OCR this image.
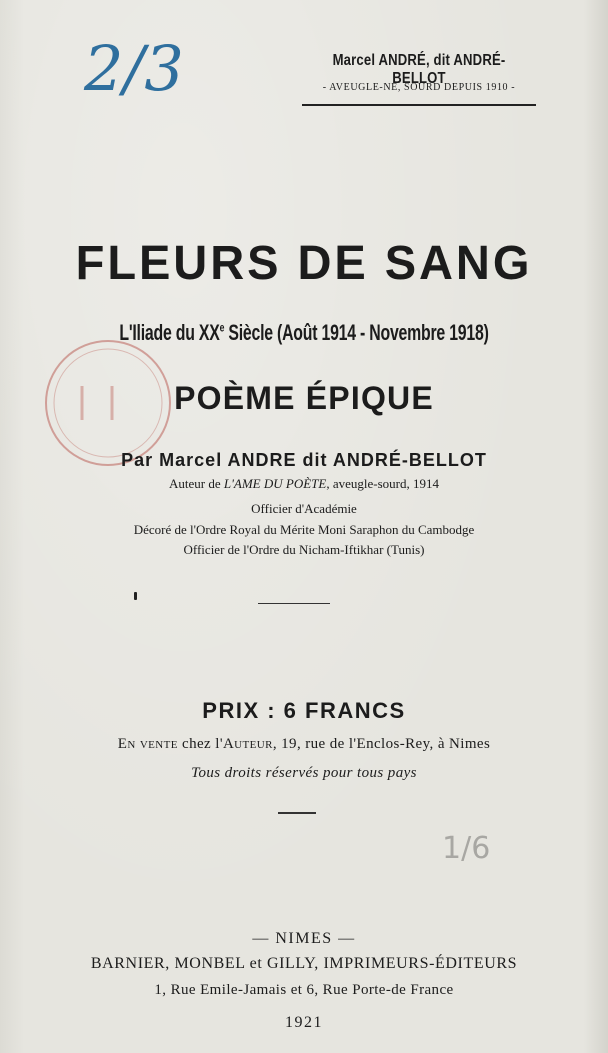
2/3	Marcel ANDRÉ, dit ANDRÉ-BELLOT
- AVEUGLE-NÉ, SOURD DEPUIS 1910 -
FLEURS DE SANG
L'Iliade du XXe Siècle (Août 1914 - Novembre 1918)
POÈME ÉPIQUE
Par Marcel ANDRE dit ANDRÉ-BELLOT
Auteur de L'AME DU POÈTE, aveugle-sourd, 1914
Officier d'Académie
Décoré de l'Ordre Royal du Mérite Moni Saraphon du Cambodge
Officier de l'Ordre du Nicham-Iftikhar (Tunis)
PRIX : 6 FRANCS
En vente chez l'Auteur, 19, rue de l'Enclos-Rey, à Nimes
Tous droits réservés pour tous pays
1/6
— NIMES —
BARNIER, MONBEL et GILLY, IMPRIMEURS-ÉDITEURS
1, Rue Emile-Jamais et 6, Rue Porte-de France
1921
